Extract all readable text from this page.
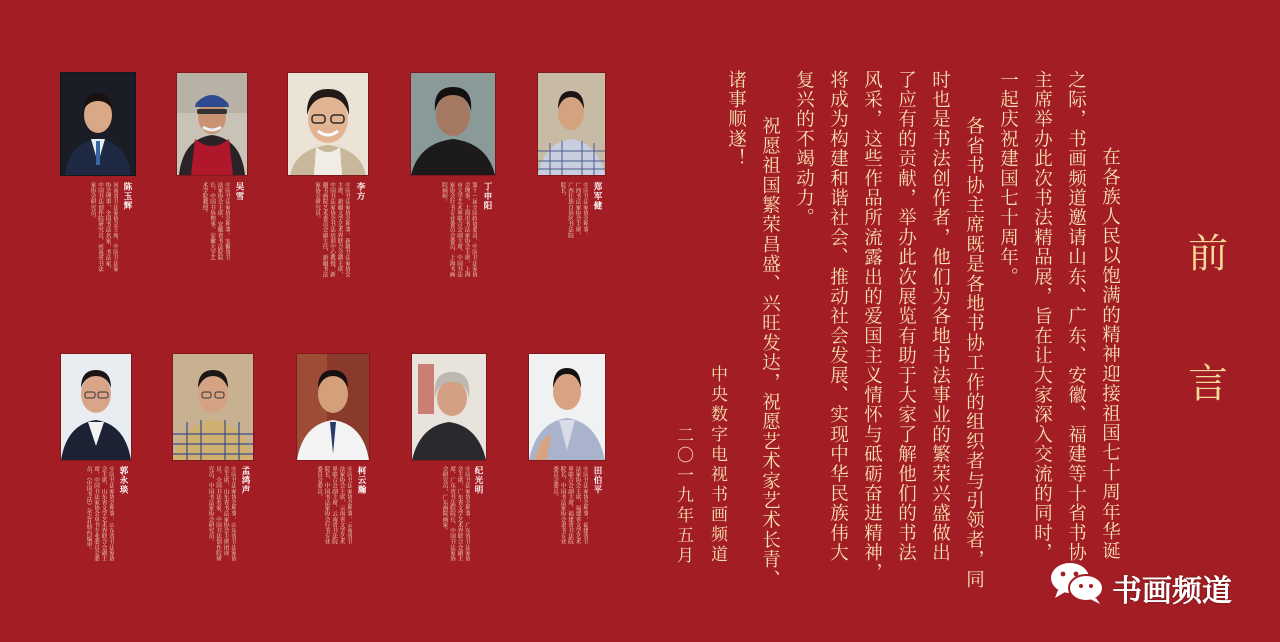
前
言
　　在各族人民以饱满的精神迎接祖国七十周年华诞
之际，书画频道邀请山东、广东、安徽、福建等十省书协
主席举办此次书法精品展，旨在让大家深入交流的同时，
一起庆祝建国七十周年。
　　各省书协主席既是各地书协工作的组织者与引领者，同
时也是书法创作者，他们为各地书法事业的繁荣兴盛做出
了应有的贡献，举办此次展览有助于大家了解他们的书法
风采，这些作品所流露出的爱国主义情怀与砥砺奋进精神，
将成为构建和谐社会、推动社会发展、实现中华民族伟大
复兴的不竭动力。
　　祝愿祖国繁荣昌盛、兴旺发达，祝愿艺术家艺术长青、
诸事顺遂！
中央数字电视书画频道
二〇一九年五月
陈玉辉
河南省书法家协会主席，中国书法家协会理事，全国书法名家，书法家，中国书法创作院研究员，河南省书法家协会研究员。	吴雪
中国书法家协会理事，安徽省书法家协会主席，安徽省书法院院长，中国书协理事，安徽大学艺术学院教授。	李方
中国书法家协会理事，新疆书法家协会主席，新疆文学艺术界联合会副主席，中国书法家协会书法培训中心教授，新疆书画院艺术委员会副主任，新疆书法家协会研究员。	丁申阳
第十一届全国政协委员，中国书法家协会理事，上海市书法家协会主席，上海市文学艺术界联合会副主席，中国书法家协会行书专业委员会委员，上海书画院画师。	郑军健
中国书法家协会理事，广西书法家协会主席，广西壮族自治区书法院院长。
郭永琰
中国书法家协会理事，山东省书法家协会主席，山东省文学艺术界联合会副主席，中国书法家协会草书专业委员会委员，《中国书法》杂志社特约编审。	孟鸿声
中国书法家协会理事，山东省书法家协会主席，山东省书法家协会主席团成员，全国书法名家，中国书法创作院研究员，中国书法家协会研究员。	柯云瀚
中国书法家协会理事，云南省书法家协会主席，云南省文学艺术界联合会副主席，云南省书法院院长，中国书法家协会行书专业委员会委员。	纪光明
中国书法家协会理事，广东省书法家协会主席，广东省文学艺术界联合会副主席，广东省书法院院长，中国书法家协会研究员，广东画院画家。	田伯平
中国书法家协会理事，福建省书法家协会主席，福建省文学艺术界联合会副主席，福建省书法院院长，中国书法家协会隶书专业委员会委员。
书画频道
